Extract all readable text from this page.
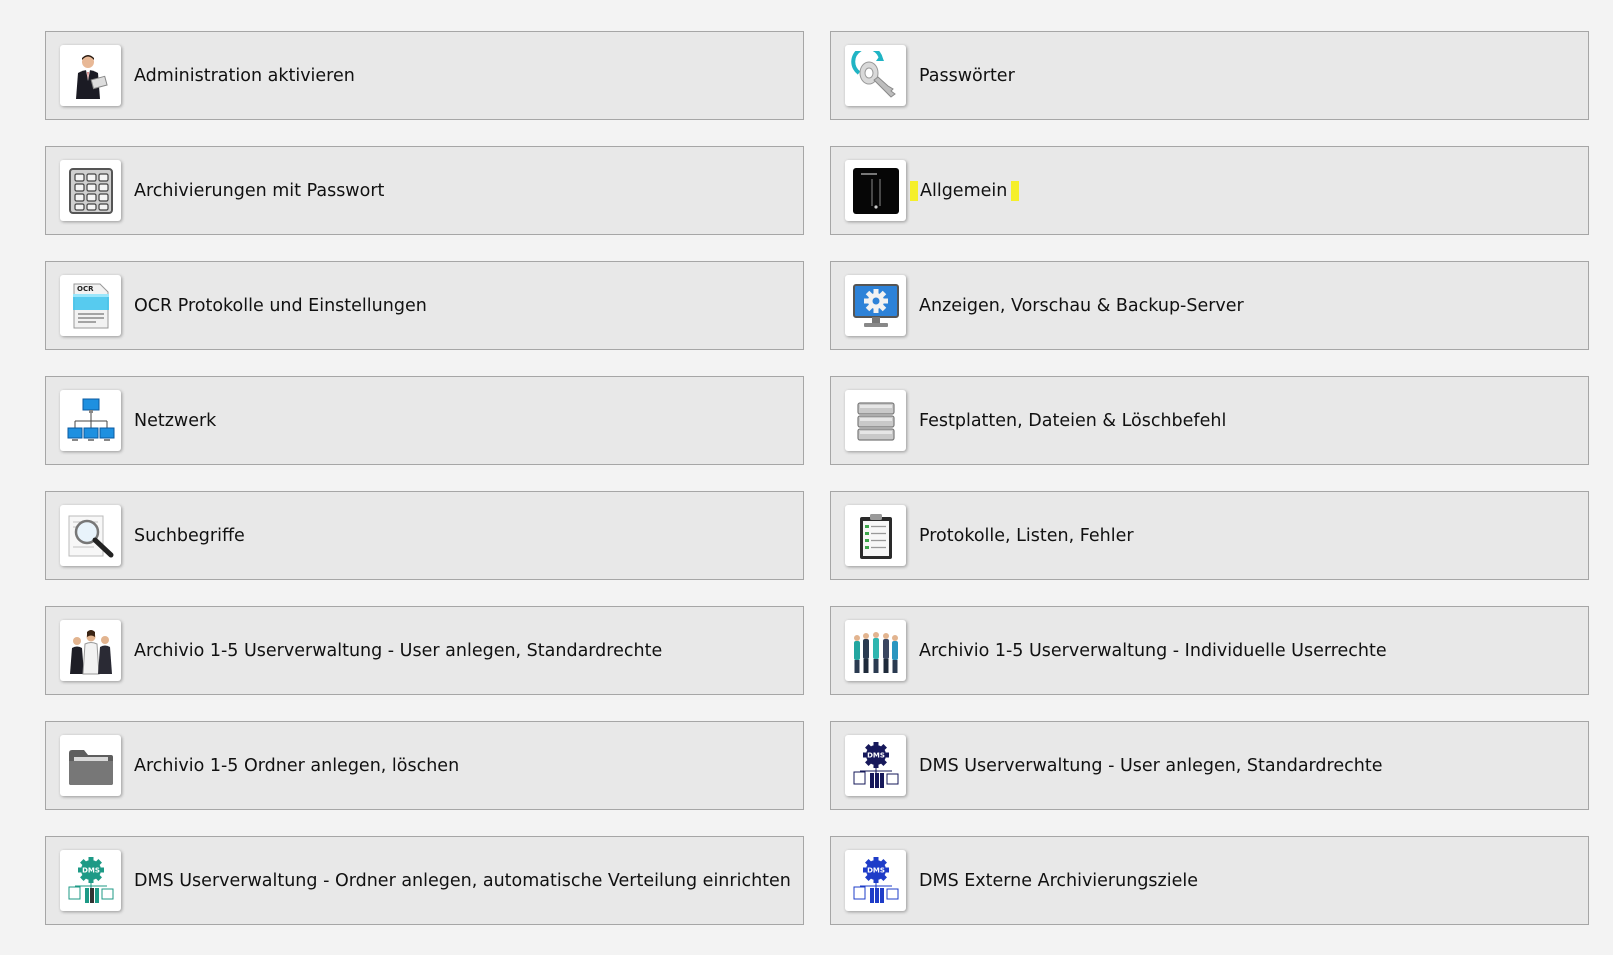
Administration aktivieren	Passwörter
Archivierungen mit Passwort	Allgemein
OCR
OCR Protokolle und Einstellungen	Anzeigen, Vorschau & Backup-Server
Netzwerk	Festplatten, Dateien & Löschbefehl
Suchbegriffe	Protokolle, Listen, Fehler
Archivio 1-5 Userverwaltung - User anlegen, Standardrechte	Archivio 1-5 Userverwaltung - Individuelle Userrechte
Archivio 1-5 Ordner anlegen, löschen
DMS
DMS Userverwaltung - User anlegen, Standardrechte
DMS
DMS Userverwaltung - Ordner anlegen, automatische Verteilung einrichten
DMS
DMS Externe Archivierungsziele
